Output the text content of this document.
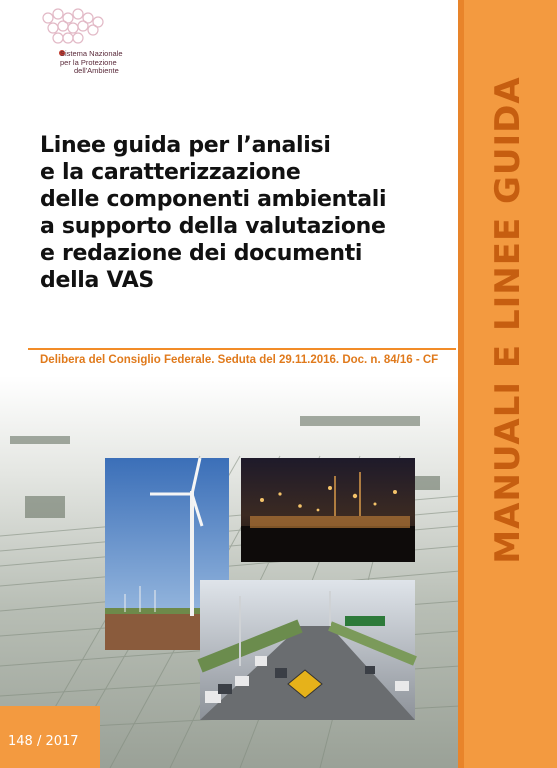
Sistema Nazionale
per la Protezione
dell'Ambiente
Linee guida per l’analisi
e la caratterizzazione
delle componenti ambientali
a supporto della valutazione
e redazione dei documenti
della VAS
Delibera del Consiglio Federale. Seduta del 29.11.2016. Doc. n. 84/16 - CF MANUALI E LINEE GUIDA
148 / 2017
